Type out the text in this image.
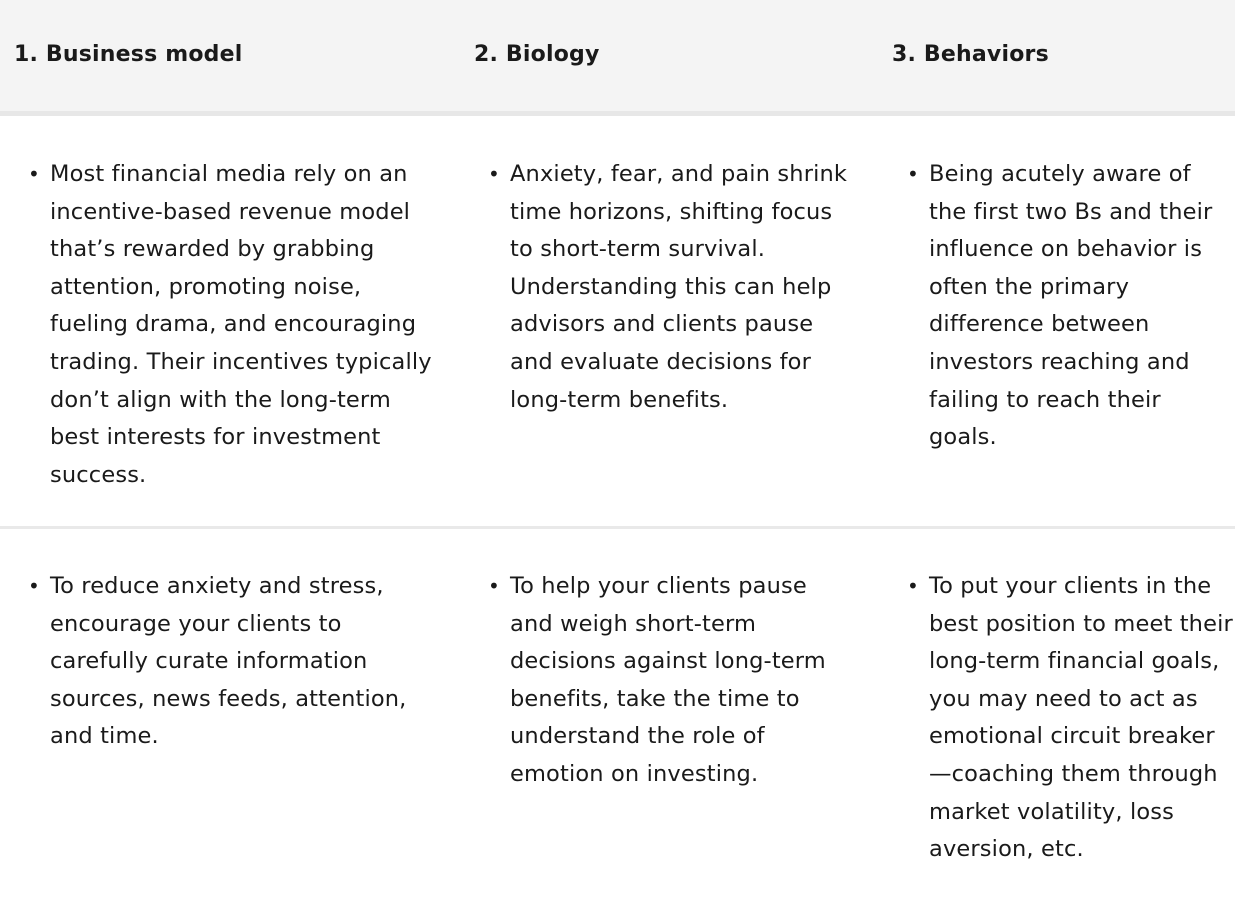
1. Business model	2. Biology	3. Behaviors

• Most financial media rely on an incentive-based revenue model that’s rewarded by grabbing attention, promoting noise, fueling drama, and encouraging trading. Their incentives typically don’t align with the long-term best interests for investment success.	• Anxiety, fear, and pain shrink time horizons, shifting focus to short-term survival. Understanding this can help advisors and clients pause and evaluate decisions for long-term benefits.	• Being acutely aware of the first two Bs and their influence on behavior is often the primary difference between investors reaching and failing to reach their goals.

• To reduce anxiety and stress, encourage your clients to carefully curate information sources, news feeds, attention, and time.	• To help your clients pause and weigh short-term decisions against long-term benefits, take the time to understand the role of emotion on investing.	• To put your clients in the best position to meet their long-term financial goals, you may need to act as emotional circuit breaker—coaching them through market volatility, loss aversion, etc.
